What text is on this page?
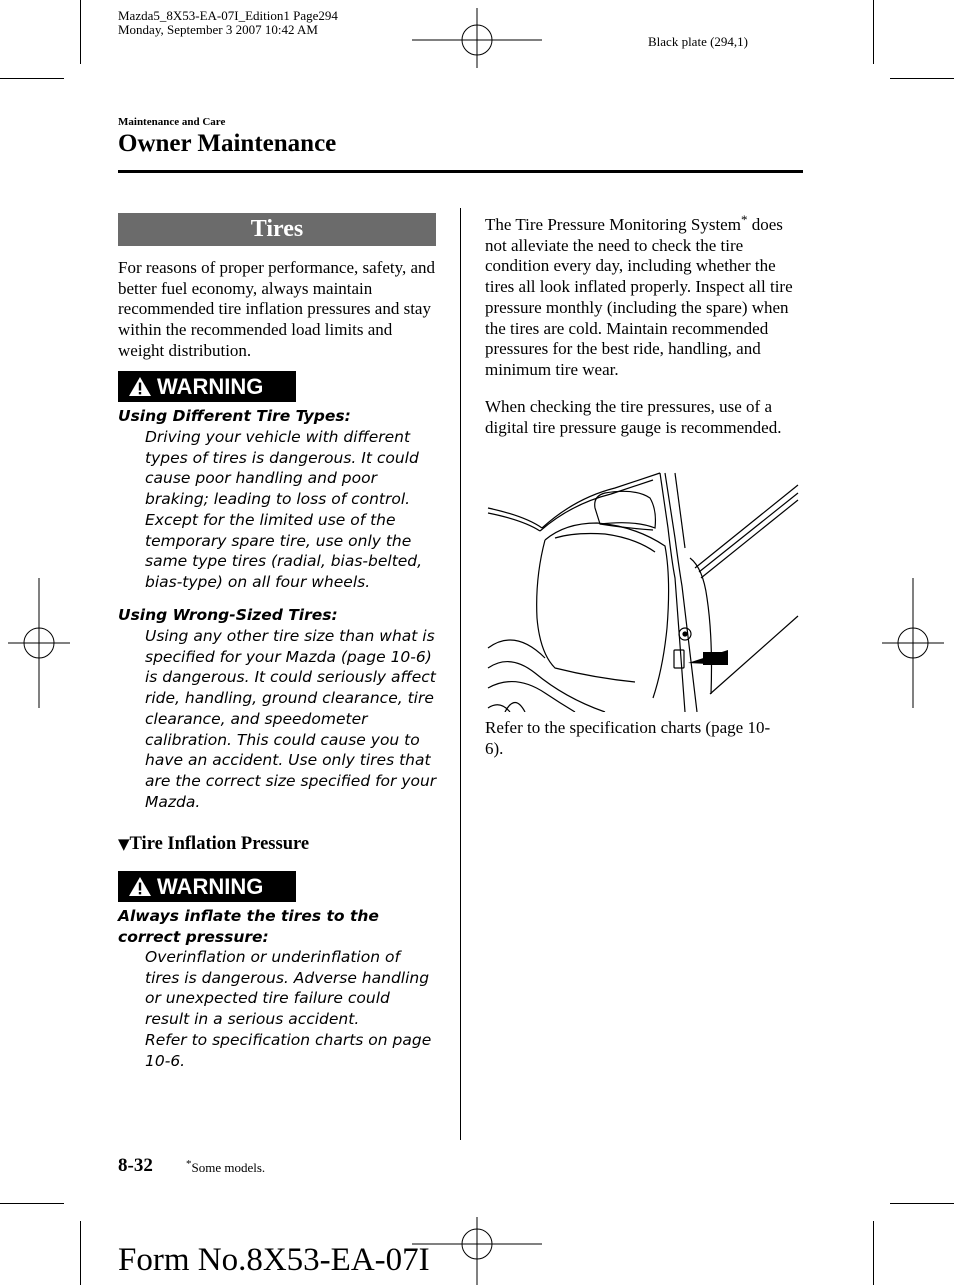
Mazda5_8X53-EA-07I_Edition1 Page294
Monday, September 3 2007 10:42 AM
Black plate (294,1)
Maintenance and Care
Owner Maintenance
Tires
For reasons of proper performance, safety, and better fuel economy, always maintain recommended tire inflation pressures and stay within the recommended load limits and weight distribution.
WARNING
Using Different Tire Types:
Driving your vehicle with different types of tires is dangerous. It could cause poor handling and poor braking; leading to loss of control. Except for the limited use of the temporary spare tire, use only the same type tires (radial, bias-belted, bias-type) on all four wheels.
Using Wrong-Sized Tires:
Using any other tire size than what is specified for your Mazda (page 10-6) is dangerous. It could seriously affect ride, handling, ground clearance, tire clearance, and speedometer calibration. This could cause you to have an accident. Use only tires that are the correct size specified for your Mazda.
▼Tire Inflation Pressure
WARNING
Always inflate the tires to the correct pressure:
Overinflation or underinflation of tires is dangerous. Adverse handling or unexpected tire failure could result in a serious accident.
Refer to specification charts on page 10-6.
The Tire Pressure Monitoring System* does not alleviate the need to check the tire condition every day, including whether the tires all look inflated properly. Inspect all tire pressure monthly (including the spare) when the tires are cold. Maintain recommended pressures for the best ride, handling, and minimum tire wear.
When checking the tire pressures, use of a digital tire pressure gauge is recommended.
Refer to the specification charts (page 10-6).
8-32	*Some models.
Form No.8X53-EA-07I
